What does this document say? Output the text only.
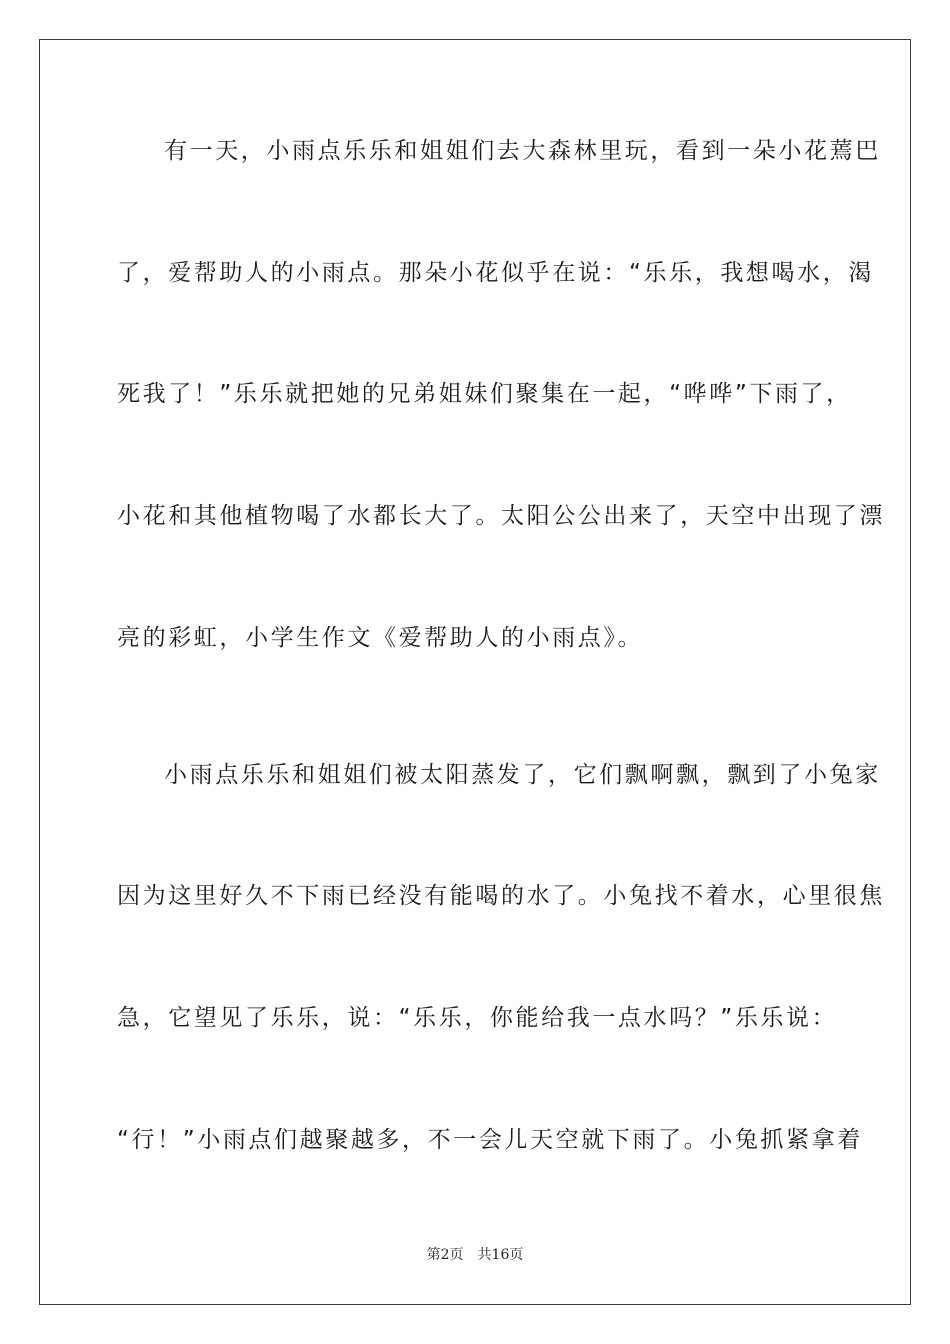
有一天，小雨点乐乐和姐姐们去大森林里玩，看到一朵小花蔫巴
了，爱帮助人的小雨点。那朵小花似乎在说：“乐乐，我想喝水，渴
死我了！”乐乐就把她的兄弟姐妹们聚集在一起，“哗哗”下雨了，
小花和其他植物喝了水都长大了。太阳公公出来了，天空中出现了漂
亮的彩虹，小学生作文《爱帮助人的小雨点》。
小雨点乐乐和姐姐们被太阳蒸发了，它们飘啊飘，飘到了小兔家
因为这里好久不下雨已经没有能喝的水了。小兔找不着水，心里很焦
急，它望见了乐乐，说：“乐乐，你能给我一点水吗？”乐乐说：
“行！”小雨点们越聚越多，不一会儿天空就下雨了。小兔抓紧拿着
第2页　共16页
